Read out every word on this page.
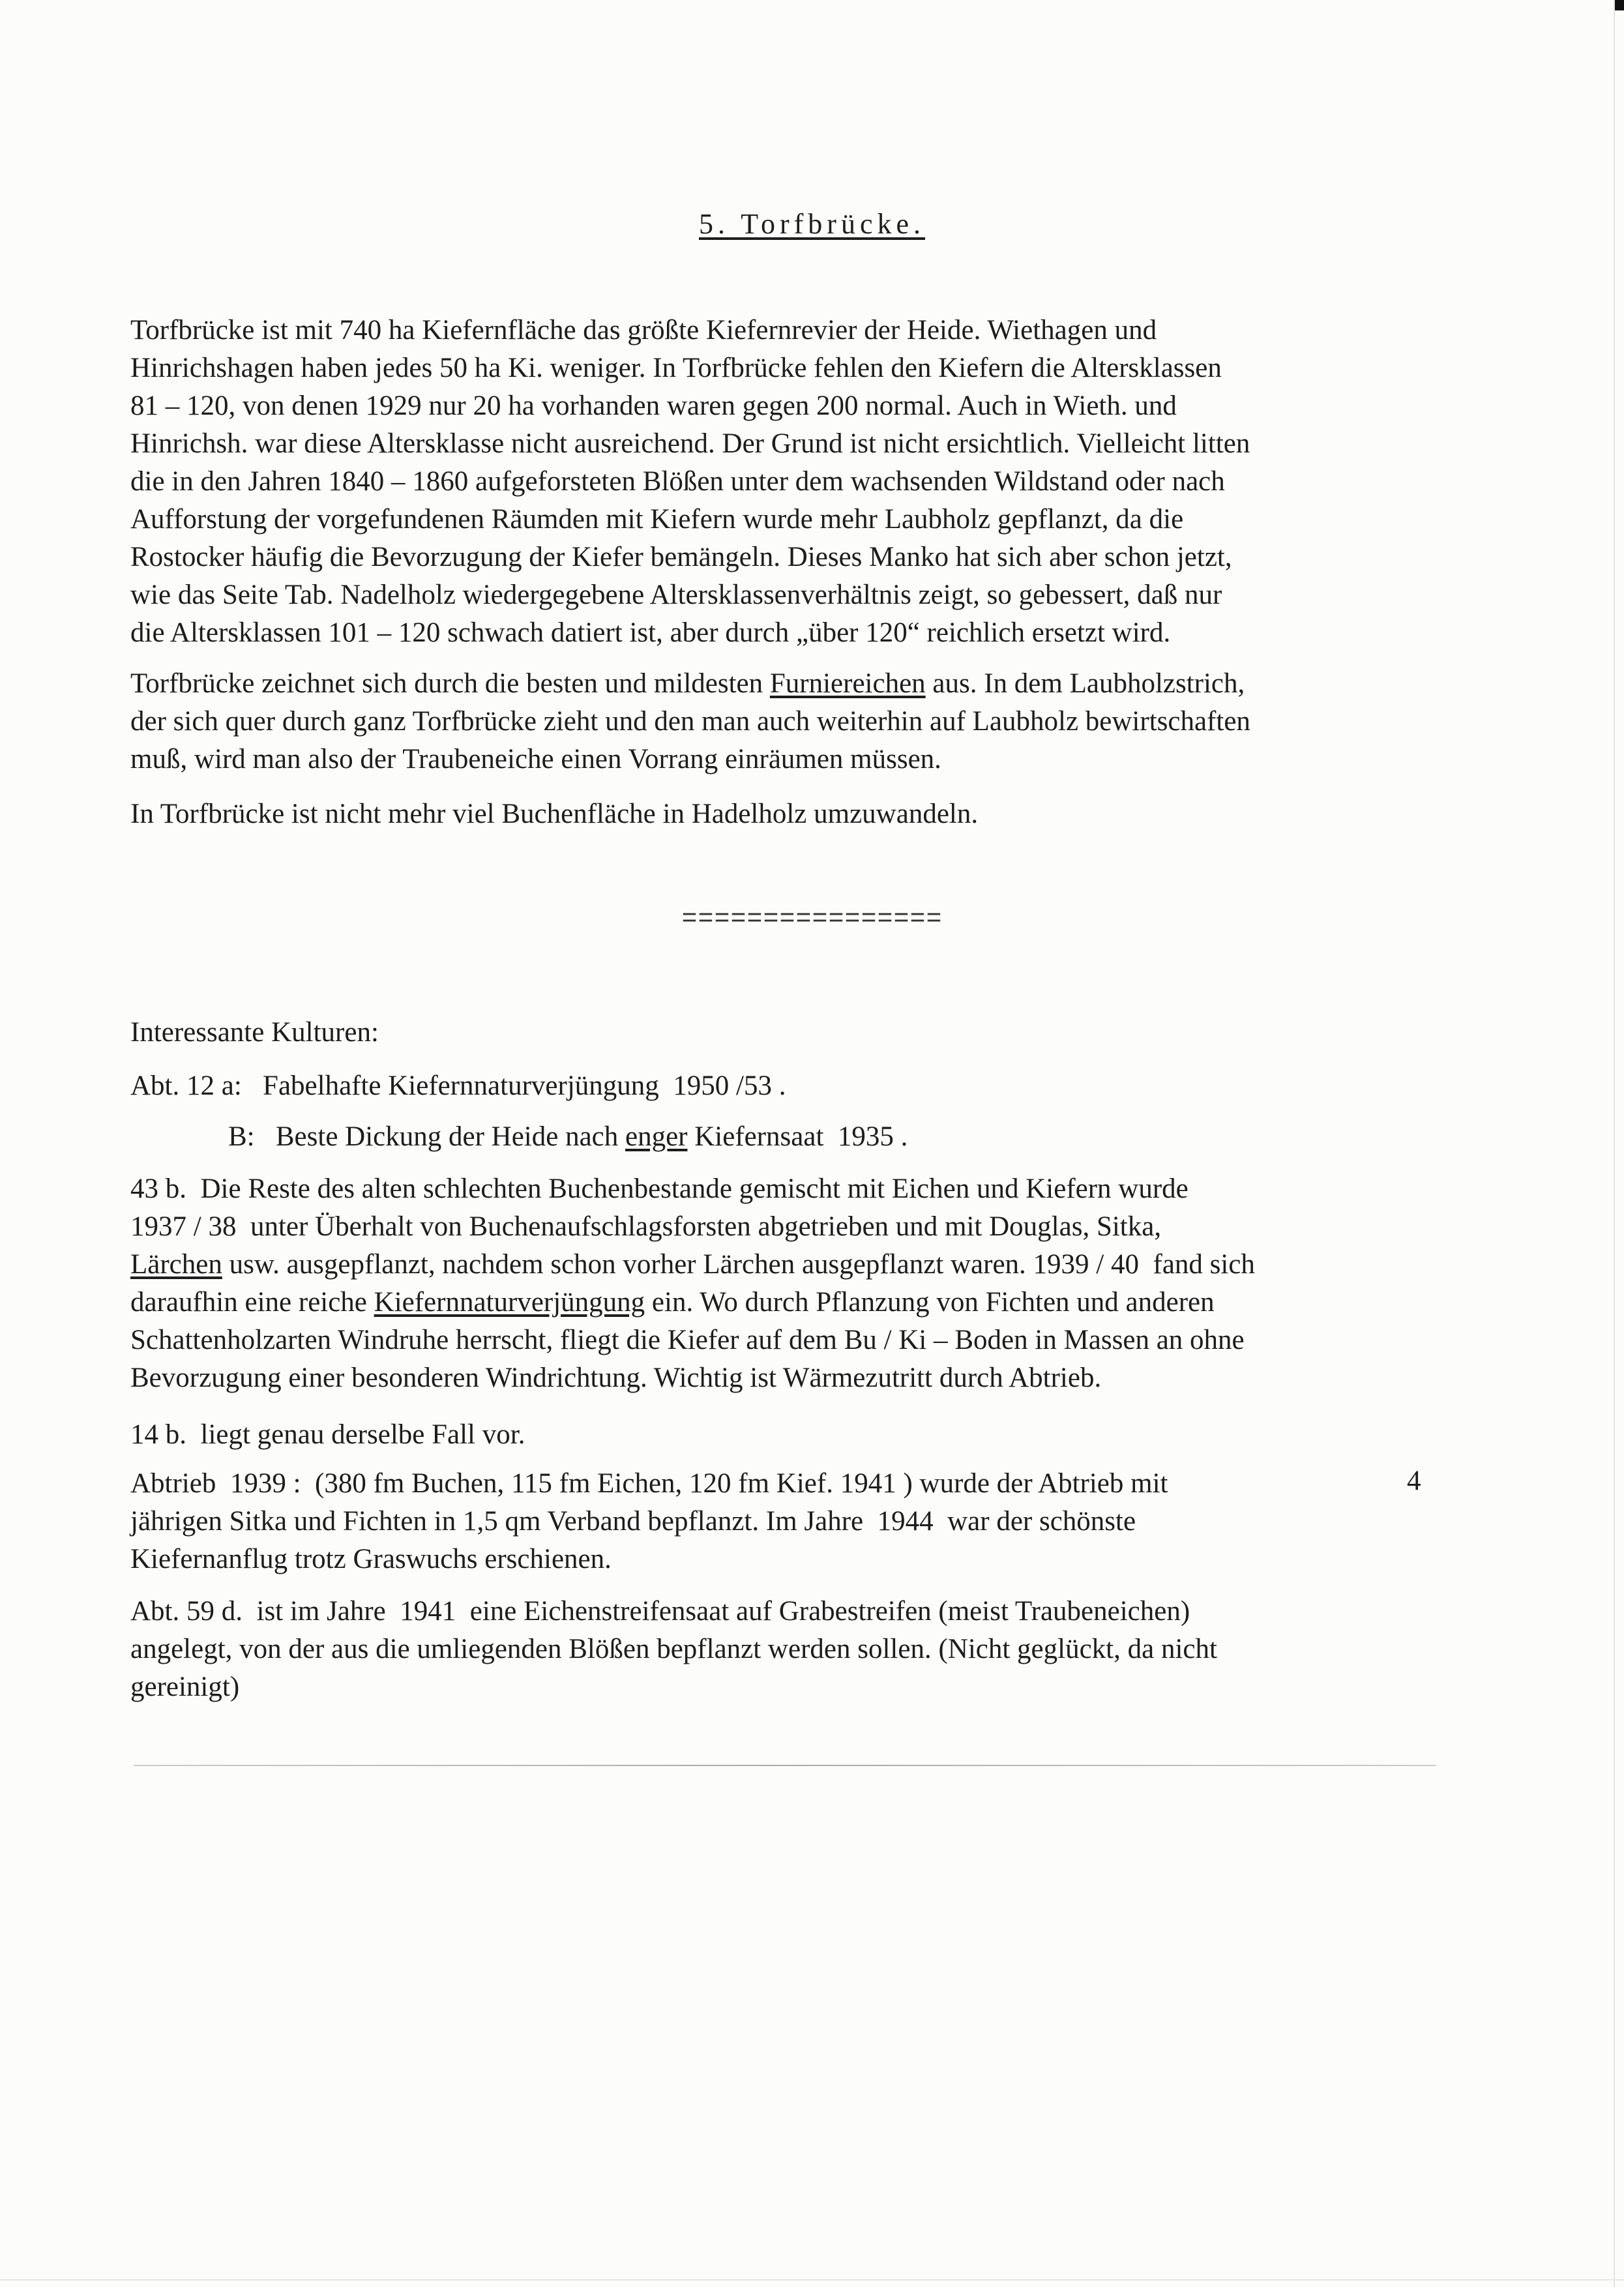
5. Torfbrücke.
Torfbrücke ist mit 740 ha Kiefernfläche das größte Kiefernrevier der Heide. Wiethagen und
Hinrichshagen haben jedes 50 ha Ki. weniger. In Torfbrücke fehlen den Kiefern die Altersklassen
81 – 120, von denen 1929 nur 20 ha vorhanden waren gegen 200 normal. Auch in Wieth. und
Hinrichsh. war diese Altersklasse nicht ausreichend. Der Grund ist nicht ersichtlich. Vielleicht litten
die in den Jahren 1840 – 1860 aufgeforsteten Blößen unter dem wachsenden Wildstand oder nach
Aufforstung der vorgefundenen Räumden mit Kiefern wurde mehr Laubholz gepflanzt, da die
Rostocker häufig die Bevorzugung der Kiefer bemängeln. Dieses Manko hat sich aber schon jetzt,
wie das Seite Tab. Nadelholz wiedergegebene Altersklassenverhältnis zeigt, so gebessert, daß nur
die Altersklassen 101 – 120 schwach datiert ist, aber durch „über 120“ reichlich ersetzt wird.
Torfbrücke zeichnet sich durch die besten und mildesten Furniereichen aus. In dem Laubholzstrich,
der sich quer durch ganz Torfbrücke zieht und den man auch weiterhin auf Laubholz bewirtschaften
muß, wird man also der Traubeneiche einen Vorrang einräumen müssen.
In Torfbrücke ist nicht mehr viel Buchenfläche in Hadelholz umzuwandeln.
Interessante Kulturen:
Abt. 12 a:   Fabelhafte Kiefernnaturverjüngung  1950 /53 .
B:   Beste Dickung der Heide nach enger Kiefernsaat  1935 .
43 b.  Die Reste des alten schlechten Buchenbestande gemischt mit Eichen und Kiefern wurde
1937 / 38  unter Überhalt von Buchenaufschlagsforsten abgetrieben und mit Douglas, Sitka,
Lärchen usw. ausgepflanzt, nachdem schon vorher Lärchen ausgepflanzt waren. 1939 / 40  fand sich
daraufhin eine reiche Kiefernnaturverjüngung ein. Wo durch Pflanzung von Fichten und anderen
Schattenholzarten Windruhe herrscht, fliegt die Kiefer auf dem Bu / Ki – Boden in Massen an ohne
Bevorzugung einer besonderen Windrichtung. Wichtig ist Wärmezutritt durch Abtrieb.
14 b.  liegt genau derselbe Fall vor.
Abtrieb  1939 :  (380 fm Buchen, 115 fm Eichen, 120 fm Kief. 1941 ) wurde der Abtrieb mit
jährigen Sitka und Fichten in 1,5 qm Verband bepflanzt. Im Jahre  1944  war der schönste
Kiefernanflug trotz Graswuchs erschienen.
Abt. 59 d.  ist im Jahre  1941  eine Eichenstreifensaat auf Grabestreifen (meist Traubeneichen)
angelegt, von der aus die umliegenden Blößen bepflanzt werden sollen. (Nicht geglückt, da nicht
gereinigt)
4
================
